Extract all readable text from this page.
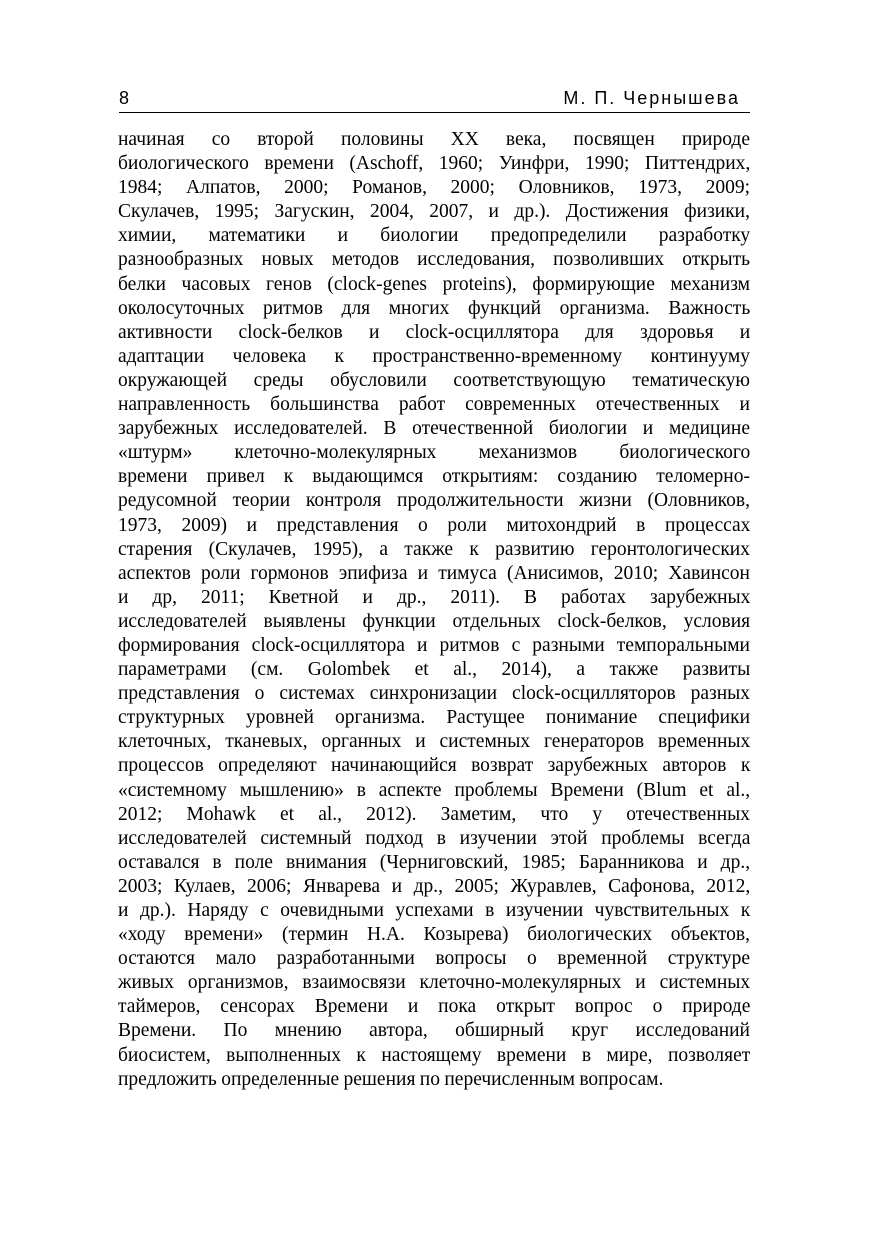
8	М. П. Чернышева
начиная со второй половины XX века, посвящен природе
биологического времени (Aschoff, 1960; Уинфри, 1990; Питтендрих,
1984; Алпатов, 2000; Романов, 2000; Оловников, 1973, 2009;
Скулачев, 1995; Загускин, 2004, 2007, и др.). Достижения физики,
химии, математики и биологии предопределили разработку
разнообразных новых методов исследования, позволивших открыть
белки часовых генов (clock-genes proteins), формирующие механизм
околосуточных ритмов для многих функций организма. Важность
активности clock-белков и clock-осциллятора для здоровья и
адаптации человека к пространственно-временному континууму
окружающей среды обусловили соответствующую тематическую
направленность большинства работ современных отечественных и
зарубежных исследователей. В отечественной биологии и медицине
«штурм» клеточно-молекулярных механизмов биологического
времени привел к выдающимся открытиям: созданию теломерно-
редусомной теории контроля продолжительности жизни (Оловников,
1973, 2009) и представления о роли митохондрий в процессах
старения (Скулачев, 1995), а также к развитию геронтологических
аспектов роли гормонов эпифиза и тимуса (Анисимов, 2010; Хавинсон
и др, 2011; Кветной и др., 2011). В работах зарубежных
исследователей выявлены функции отдельных clock-белков, условия
формирования clock-осциллятора и ритмов с разными темпоральными
параметрами (см. Golombek et al., 2014), а также развиты
представления о системах синхронизации clock-осцилляторов разных
структурных уровней организма. Растущее понимание специфики
клеточных, тканевых, органных и системных генераторов временных
процессов определяют начинающийся возврат зарубежных авторов к
«системному мышлению» в аспекте проблемы Времени (Blum et al.,
2012; Mohawk et al., 2012). Заметим, что у отечественных
исследователей системный подход в изучении этой проблемы всегда
оставался в поле внимания (Черниговский, 1985; Баранникова и др.,
2003; Кулаев, 2006; Январева и др., 2005; Журавлев, Сафонова, 2012,
и др.). Наряду с очевидными успехами в изучении чувствительных к
«ходу времени» (термин Н.А. Козырева) биологических объектов,
остаются мало разработанными вопросы о временной структуре
живых организмов, взаимосвязи клеточно-молекулярных и системных
таймеров, сенсорах Времени и пока открыт вопрос о природе
Времени. По мнению автора, обширный круг исследований
биосистем, выполненных к настоящему времени в мире, позволяет
предложить определенные решения по перечисленным вопросам.
